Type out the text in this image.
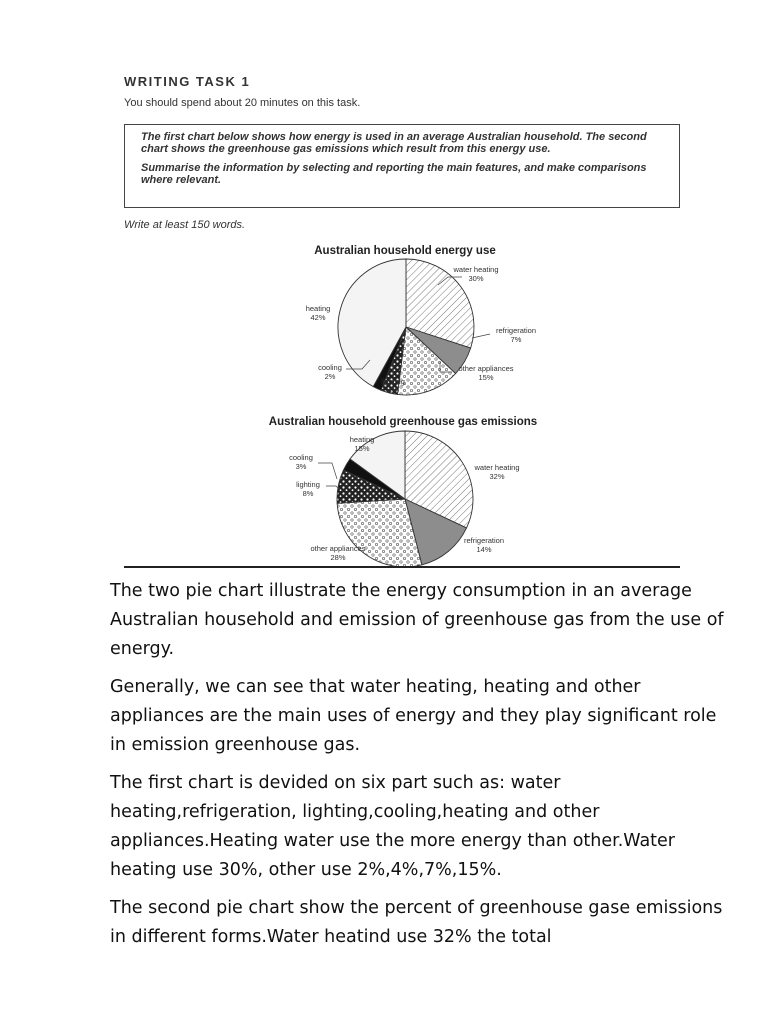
WRITING TASK 1
You should spend about 20 minutes on this task.

The first chart below shows how energy is used in an average Australian household. The second chart shows the greenhouse gas emissions which result from this energy use.

Summarise the information by selecting and reporting the main features, and make comparisons where relevant.

Write at least 150 words.
Australian household energy use
water heating
30%
refrigeration
7%
other appliances
15%
lighting
4%
cooling
2%
heating
42%
Australian household greenhouse gas emissions
water heating
32%
refrigeration
14%
other appliances
28%
lighting
8%
cooling
3%
heating
15%

The two pie chart illustrate the energy consumption in an average Australian household and emission of greenhouse gas from the use of energy.

Generally, we can see that water heating, heating and other appliances are the main uses of energy and they play significant role in emission greenhouse gas.

The first chart is devided on six part such as: water heating,refrigeration, lighting,cooling,heating and other appliances.Heating water use the more energy than other.Water heating use 30%, other use 2%,4%,7%,15%.

The second pie chart show the percent of greenhouse gase emissions in different forms.Water heatind use 32% the total
